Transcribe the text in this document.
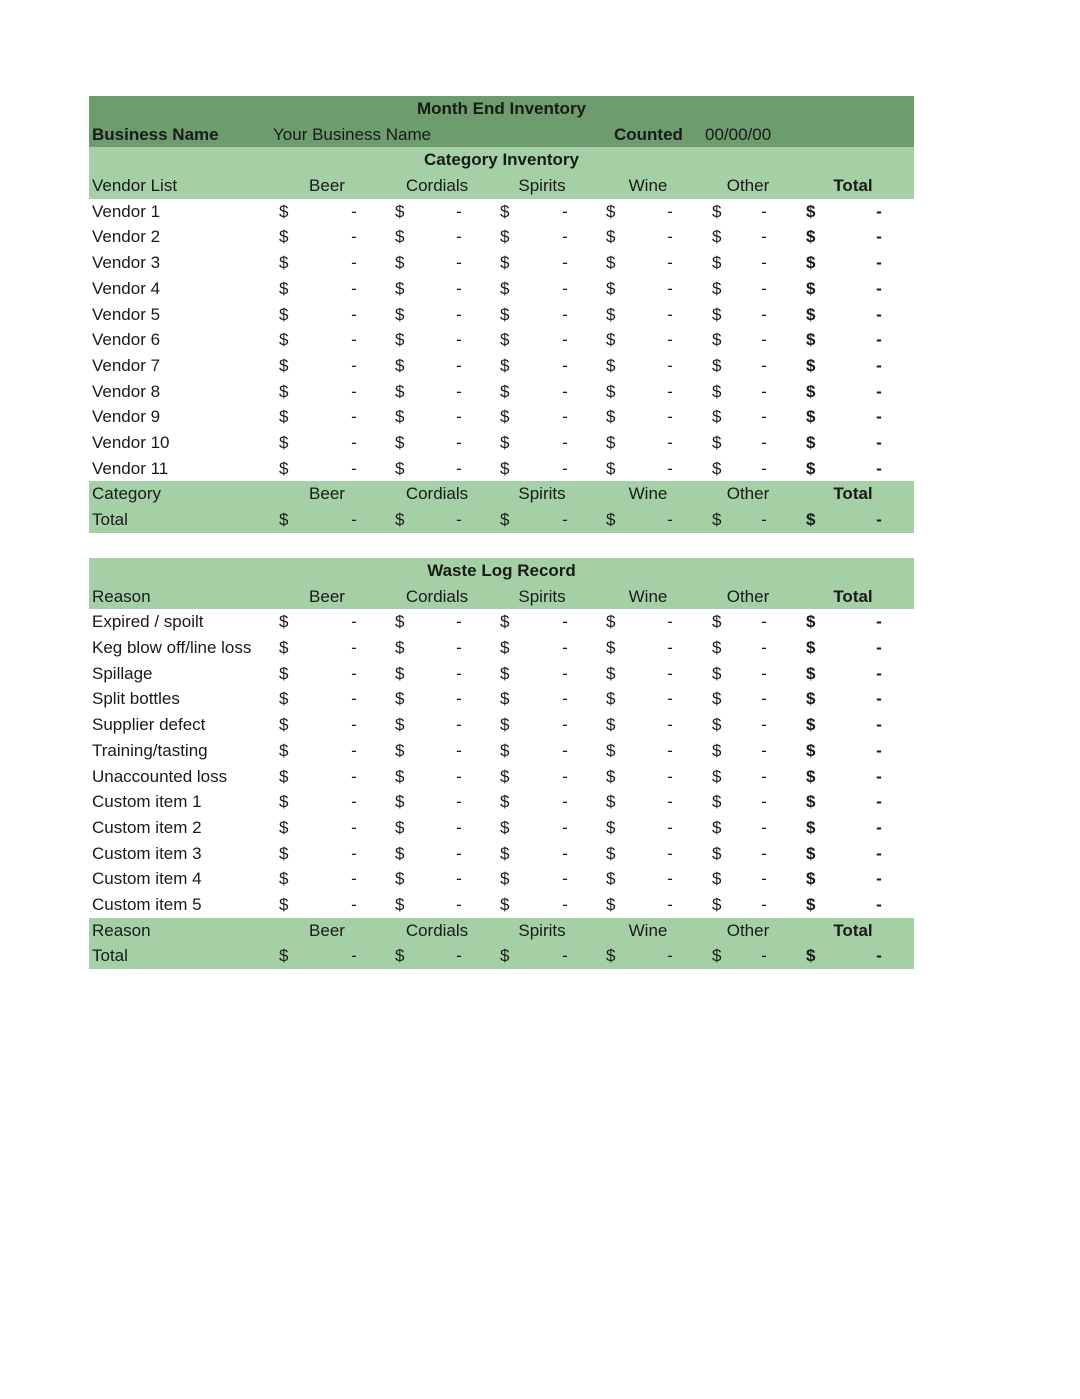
Month End Inventory
Business Name	Your Business Name	Counted 00/00/00
Category Inventory
Vendor List	Beer	Cordials	Spirits	Wine	Other	Total
Vendor 1	$	-	$	-	$	-	$	-	$	-	$	-
Vendor 2	$	-	$	-	$	-	$	-	$	-	$	-
Vendor 3	$	-	$	-	$	-	$	-	$	-	$	-
Vendor 4	$	-	$	-	$	-	$	-	$	-	$	-
Vendor 5	$	-	$	-	$	-	$	-	$	-	$	-
Vendor 6	$	-	$	-	$	-	$	-	$	-	$	-
Vendor 7	$	-	$	-	$	-	$	-	$	-	$	-
Vendor 8	$	-	$	-	$	-	$	-	$	-	$	-
Vendor 9	$	-	$	-	$	-	$	-	$	-	$	-
Vendor 10	$	-	$	-	$	-	$	-	$	-	$	-
Vendor 11	$	-	$	-	$	-	$	-	$	-	$	-
Category	Beer	Cordials	Spirits	Wine	Other	Total
Total	$	-	$	-	$	-	$	-	$	-	$	-
Waste Log Record
Reason	Beer	Cordials	Spirits	Wine	Other	Total
Expired / spoilt	$	-	$	-	$	-	$	-	$	-	$	-
Keg blow off/line loss $	-	$	-	$	-	$	-	$	-	$	-
Spillage	$	-	$	-	$	-	$	-	$	-	$	-
Split bottles	$	-	$	-	$	-	$	-	$	-	$	-
Supplier defect	$	-	$	-	$	-	$	-	$	-	$	-
Training/tasting	$	-	$	-	$	-	$	-	$	-	$	-
Unaccounted loss	$	-	$	-	$	-	$	-	$	-	$	-
Custom item 1	$	-	$	-	$	-	$	-	$	-	$	-
Custom item 2	$	-	$	-	$	-	$	-	$	-	$	-
Custom item 3	$	-	$	-	$	-	$	-	$	-	$	-
Custom item 4	$	-	$	-	$	-	$	-	$	-	$	-
Custom item 5	$	-	$	-	$	-	$	-	$	-	$	-
Reason	Beer	Cordials	Spirits	Wine	Other	Total
Total	$	-	$	-	$	-	$	-	$	-	$	-
